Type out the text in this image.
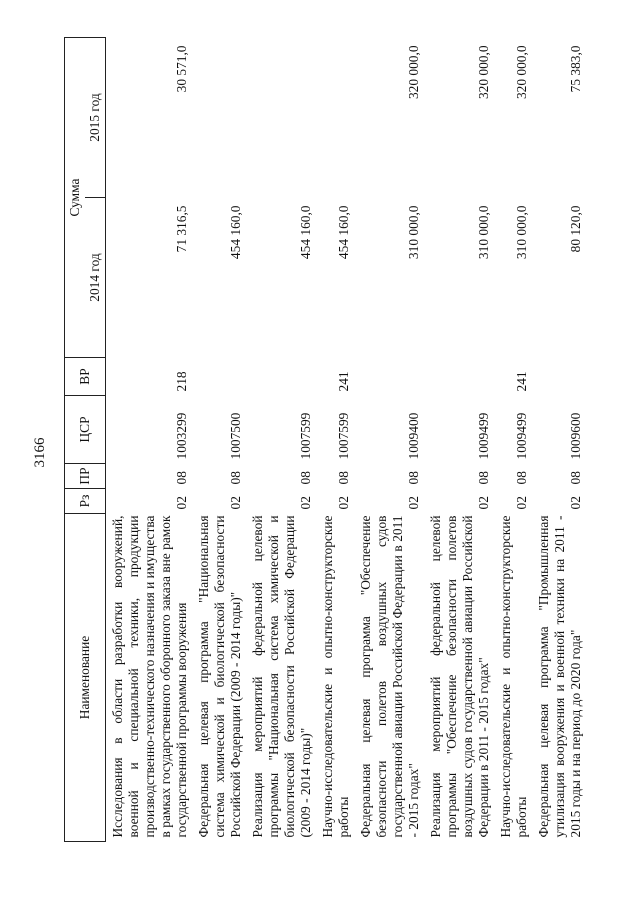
3166
Наименование	Рз	ПР	ЦСР	ВР	Сумма	
					2014 год	2015 год
Исследования в области разработки вооружений, военной и специальной техники, продукции производственно-технического назначения и имущества в рамках государственного оборонного заказа вне рамок государственной программы вооружения	02	08	1003299	218	71 316,5	30 571,0
Федеральная целевая программа "Национальная система химической и биологической безопасности Российской Федерации (2009 - 2014 годы)"	02	08	1007500		454 160,0	
Реализация мероприятий федеральной целевой программы "Национальная система химической и биологической безопасности Российской Федерации (2009 - 2014 годы)"	02	08	1007599		454 160,0	
Научно-исследовательские и опытно-конструкторские работы	02	08	1007599	241	454 160,0	
Федеральная целевая программа "Обеспечение безопасности полетов воздушных судов государственной авиации Российской Федерации в 2011 - 2015 годах"	02	08	1009400		310 000,0	320 000,0
Реализация мероприятий федеральной целевой программы "Обеспечение безопасности полетов воздушных судов государственной авиации Российской Федерации в 2011 - 2015 годах"	02	08	1009499		310 000,0	320 000,0
Научно-исследовательские и опытно-конструкторские работы	02	08	1009499	241	310 000,0	320 000,0
Федеральная целевая программа "Промышленная утилизация вооружения и военной техники на 2011 - 2015 годы и на период до 2020 года"	02	08	1009600		80 120,0	75 383,0
